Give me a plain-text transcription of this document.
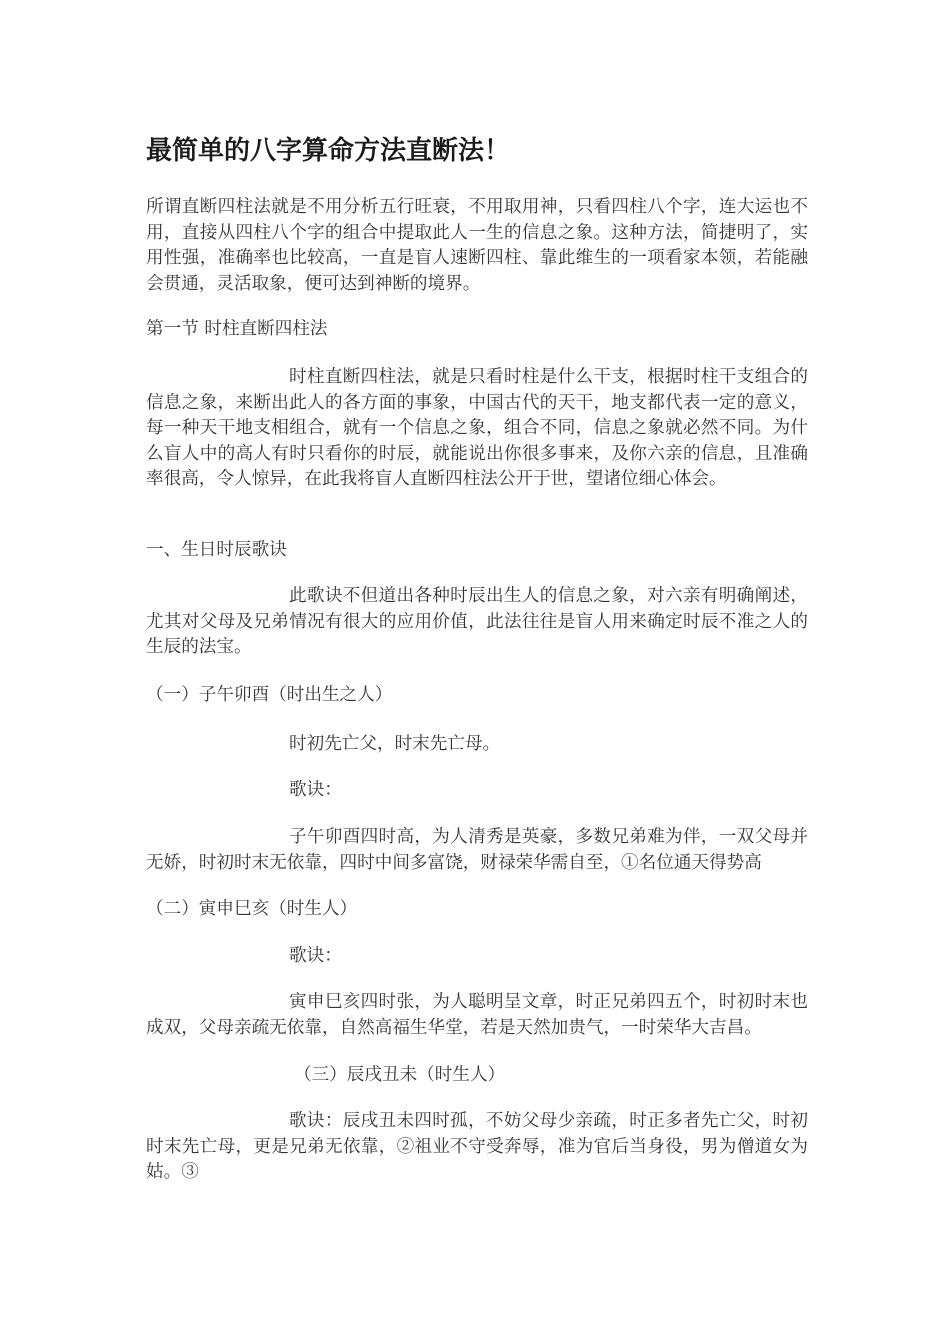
最简单的八字算命方法直断法！

所谓直断四柱法就是不用分析五行旺衰，不用取用神，只看四柱八个字，连大运也不用，直接从四柱八个字的组合中提取此人一生的信息之象。这种方法，简捷明了，实用性强，准确率也比较高，一直是盲人速断四柱、靠此维生的一项看家本领，若能融会贯通，灵活取象，便可达到神断的境界。

第一节 时柱直断四柱法

时柱直断四柱法，就是只看时柱是什么干支，根据时柱干支组合的信息之象，来断出此人的各方面的事象，中国古代的天干，地支都代表一定的意义，每一种天干地支相组合，就有一个信息之象，组合不同，信息之象就必然不同。为什么盲人中的高人有时只看你的时辰，就能说出你很多事来，及你六亲的信息，且准确率很高，令人惊异，在此我将盲人直断四柱法公开于世，望诸位细心体会。

一、生日时辰歌诀

此歌诀不但道出各种时辰出生人的信息之象，对六亲有明确阐述，尤其对父母及兄弟情况有很大的应用价值，此法往往是盲人用来确定时辰不准之人的生辰的法宝。

（一）子午卯酉（时出生之人）

时初先亡父，时末先亡母。

歌诀：

子午卯酉四时高，为人清秀是英豪，多数兄弟难为伴，一双父母并无娇，时初时末无依靠，四时中间多富饶，财禄荣华需自至，①名位通天得势高

（二）寅申巳亥（时生人）

歌诀：

寅申巳亥四时张，为人聪明呈文章，时正兄弟四五个，时初时末也成双，父母亲疏无依靠，自然高福生华堂，若是天然加贵气，一时荣华大吉昌。

（三）辰戌丑未（时生人）

歌诀：辰戌丑未四时孤，不妨父母少亲疏，时正多者先亡父，时初时末先亡母，更是兄弟无依靠，②祖业不守受奔辱，准为官后当身役，男为僧道女为姑。③
